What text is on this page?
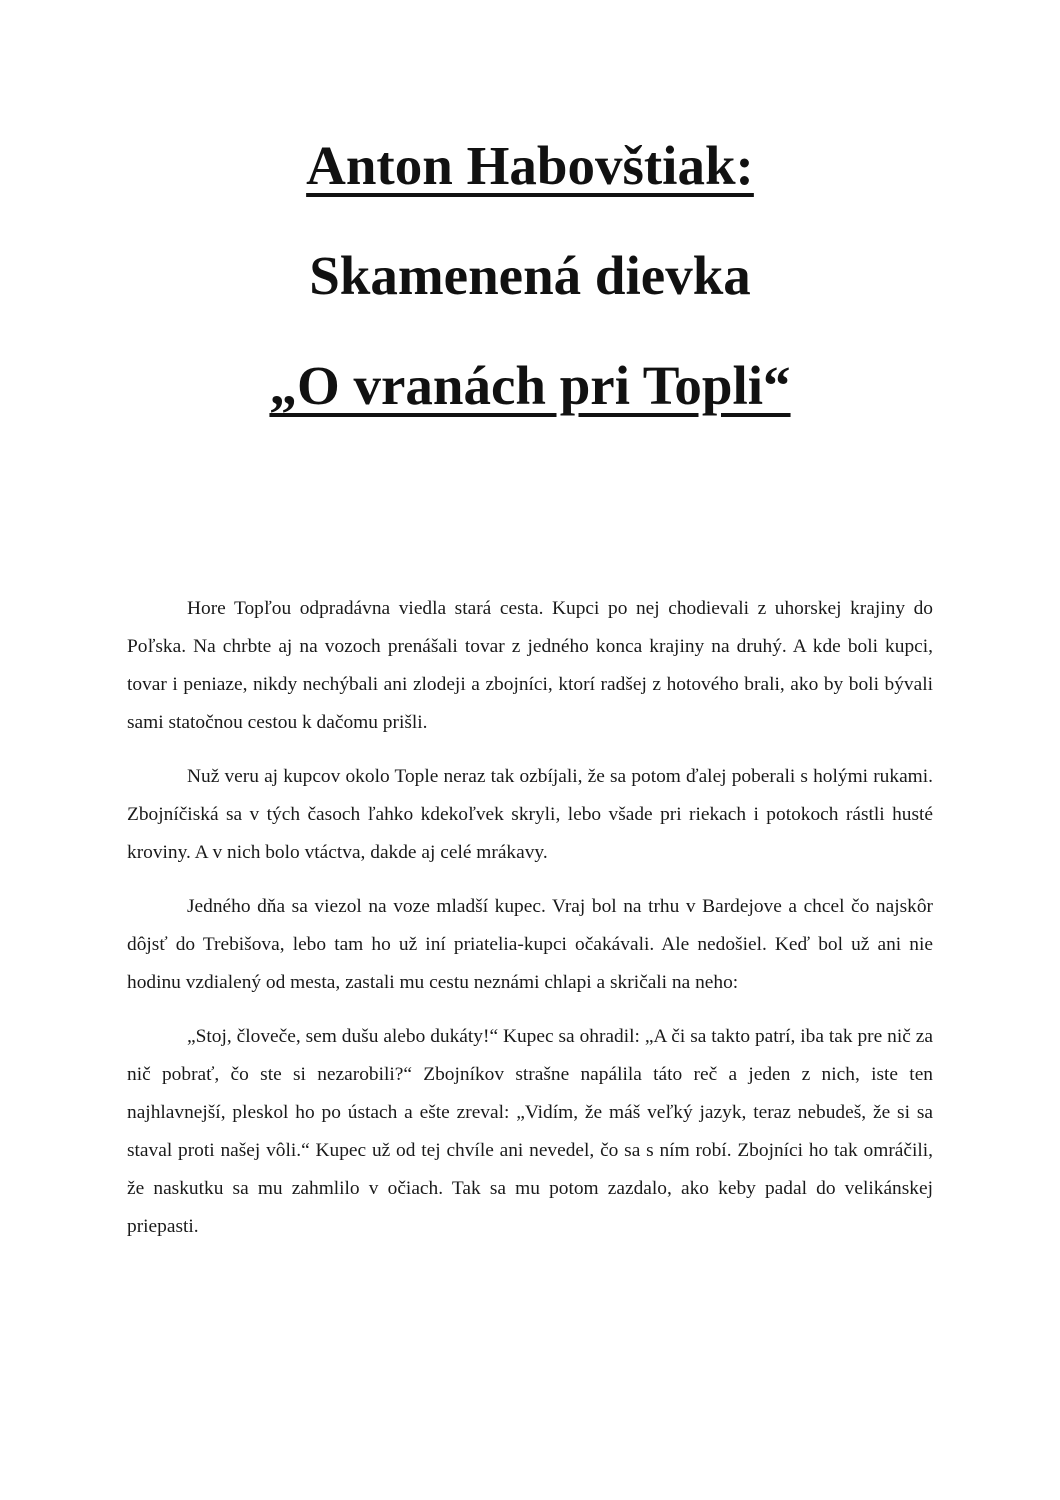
Anton Habovštiak:
Skamenená dievka
„O vranách pri Topli“

Hore Topľou odpradávna viedla stará cesta. Kupci po nej chodievali z uhorskej krajiny do Poľska. Na chrbte aj na vozoch prenášali tovar z jedného konca krajiny na druhý. A kde boli kupci, tovar i peniaze, nikdy nechýbali ani zlodeji a zbojníci, ktorí radšej z hotového brali, ako by boli bývali sami statočnou cestou k dačomu prišli.

Nuž veru aj kupcov okolo Tople neraz tak ozbíjali, že sa potom ďalej poberali s holými rukami. Zbojníčiská sa v tých časoch ľahko kdekoľvek skryli, lebo všade pri riekach i potokoch rástli husté kroviny. A v nich bolo vtáctva, dakde aj celé mrákavy.

Jedného dňa sa viezol na voze mladší kupec. Vraj bol na trhu v Bardejove a chcel čo najskôr dôjsť do Trebišova, lebo tam ho už iní priatelia-kupci očakávali. Ale nedošiel. Keď bol už ani nie hodinu vzdialený od mesta, zastali mu cestu neznámi chlapi a skričali na neho:

„Stoj, človeče, sem dušu alebo dukáty!“ Kupec sa ohradil: „A či sa takto patrí, iba tak pre nič za nič pobrať, čo ste si nezarobili?“ Zbojníkov strašne napálila táto reč a jeden z nich, iste ten najhlavnejší, pleskol ho po ústach a ešte zreval: „Vidím, že máš veľký jazyk, teraz nebudeš, že si sa staval proti našej vôli.“ Kupec už od tej chvíle ani nevedel, čo sa s ním robí. Zbojníci ho tak omráčili, že naskutku sa mu zahmlilo v očiach. Tak sa mu potom zazdalo, ako keby padal do velikánskej priepasti.
